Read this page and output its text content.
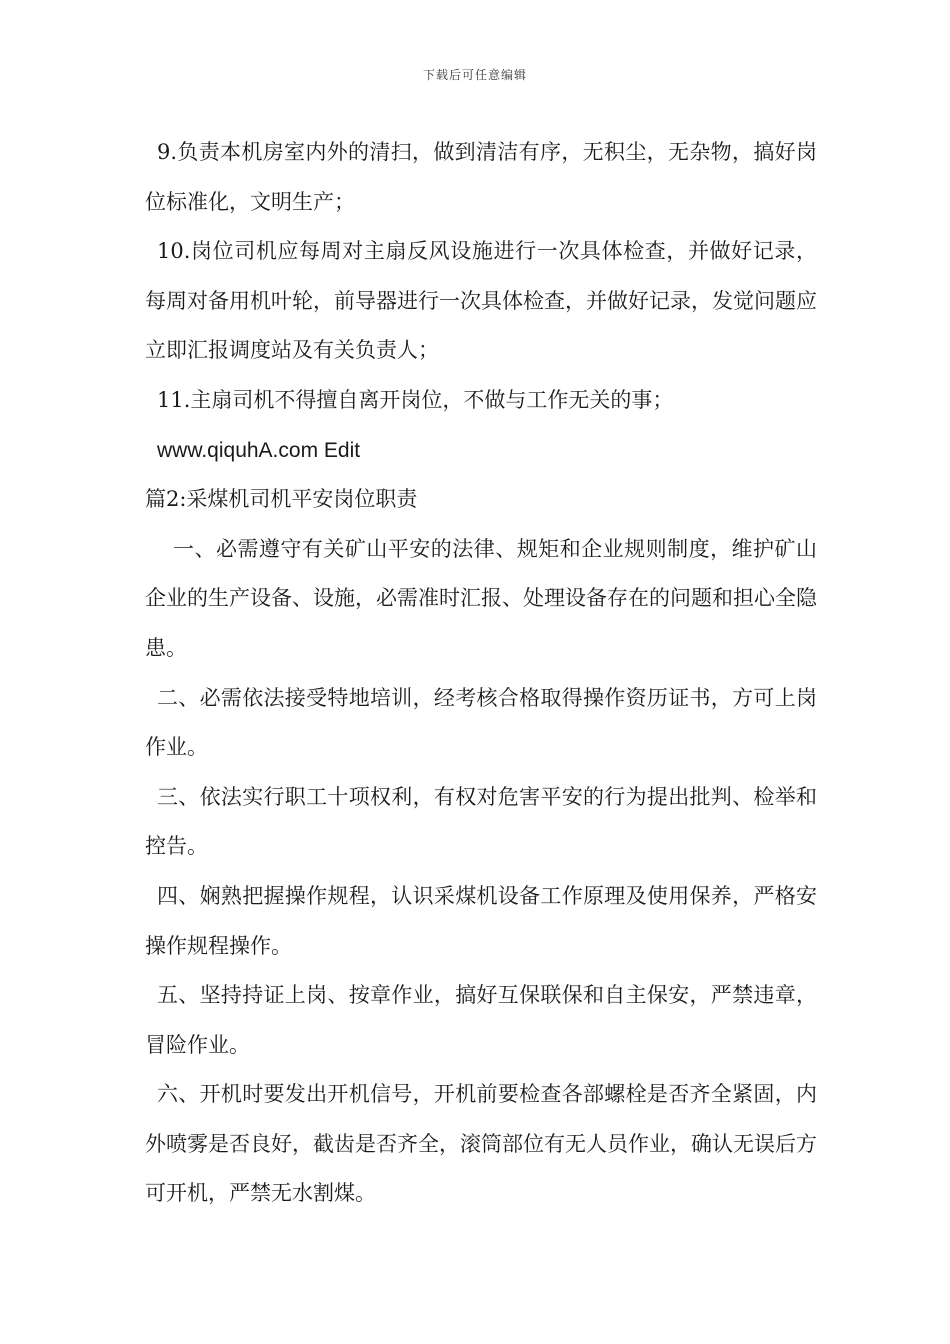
下载后可任意编辑

9.负责本机房室内外的清扫，做到清洁有序，无积尘，无杂物，搞好岗位标准化，文明生产；

10.岗位司机应每周对主扇反风设施进行一次具体检查，并做好记录，每周对备用机叶轮，前导器进行一次具体检查，并做好记录，发觉问题应立即汇报调度站及有关负责人；

11.主扇司机不得擅自离开岗位，不做与工作无关的事；

www.qiquhA.com Edit

篇2:采煤机司机平安岗位职责

一、必需遵守有关矿山平安的法律、规矩和企业规则制度，维护矿山企业的生产设备、设施，必需准时汇报、处理设备存在的问题和担心全隐患。

二、必需依法接受特地培训，经考核合格取得操作资历证书，方可上岗作业。

三、依法实行职工十项权利，有权对危害平安的行为提出批判、检举和控告。

四、娴熟把握操作规程，认识采煤机设备工作原理及使用保养，严格安操作规程操作。

五、坚持持证上岗、按章作业，搞好互保联保和自主保安，严禁违章，冒险作业。

六、开机时要发出开机信号，开机前要检查各部螺栓是否齐全紧固，内外喷雾是否良好，截齿是否齐全，滚筒部位有无人员作业，确认无误后方可开机，严禁无水割煤。
